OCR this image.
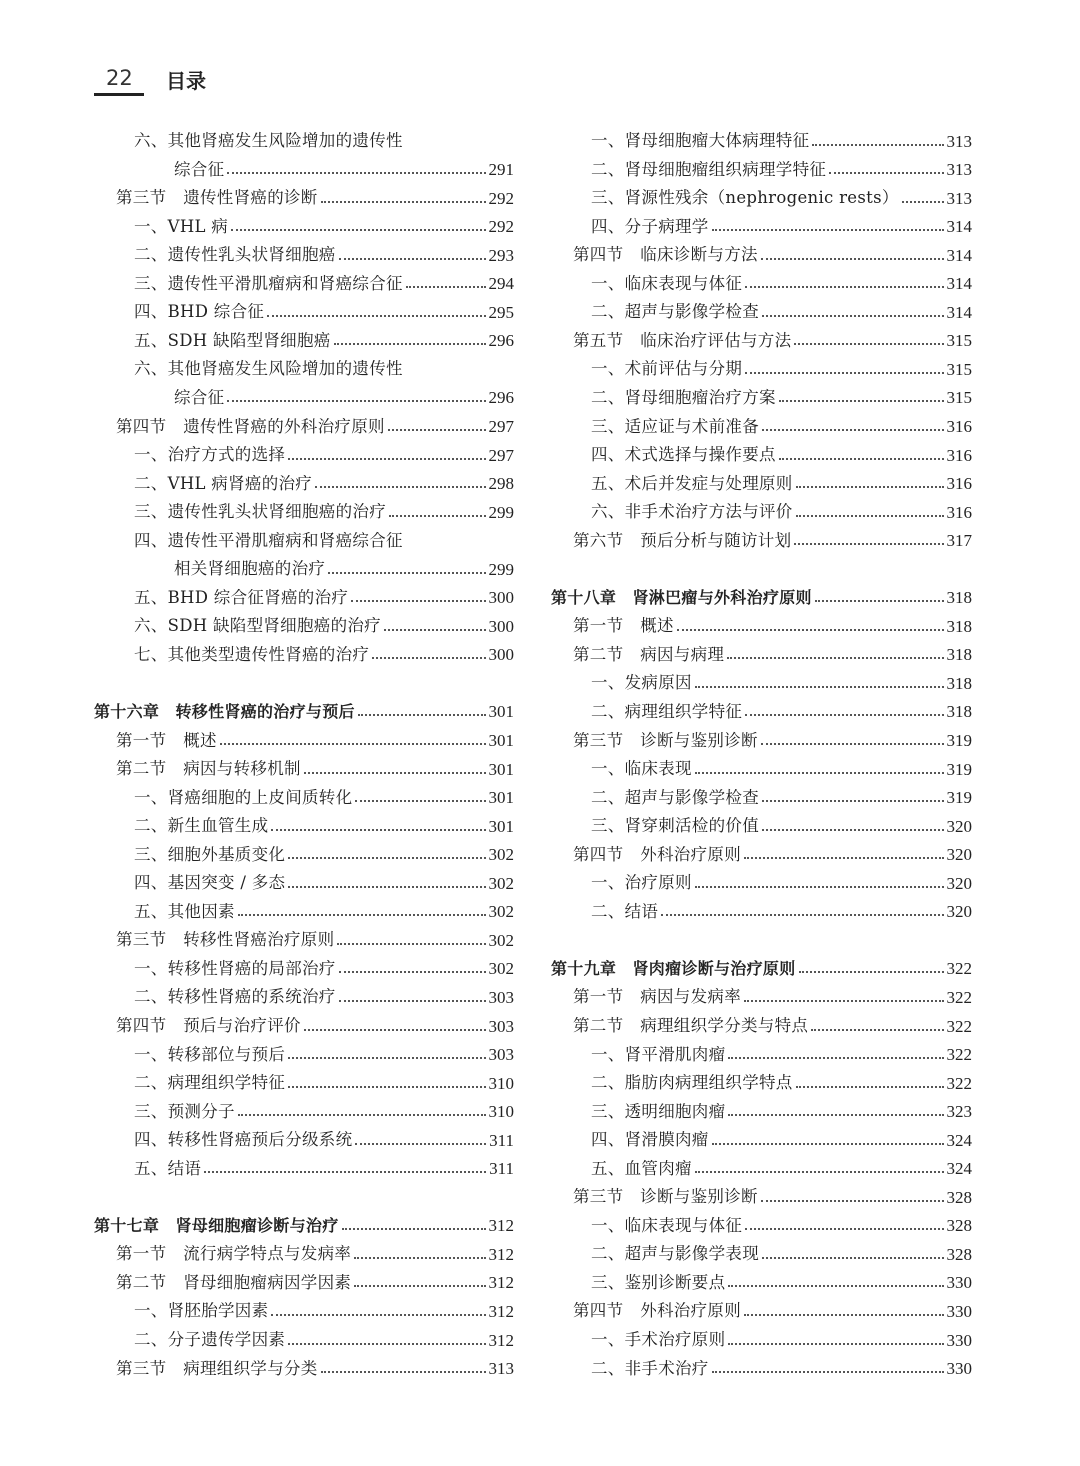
22 目录
六、其他肾癌发生风险增加的遗传性
综合征	291
第三节　遗传性肾癌的诊断	292
一、VHL 病	292
二、遗传性乳头状肾细胞癌	293
三、遗传性平滑肌瘤病和肾癌综合征	294
四、BHD 综合征	295
五、SDH 缺陷型肾细胞癌	296
六、其他肾癌发生风险增加的遗传性
综合征	296
第四节　遗传性肾癌的外科治疗原则	297
一、治疗方式的选择	297
二、VHL 病肾癌的治疗	298
三、遗传性乳头状肾细胞癌的治疗	299
四、遗传性平滑肌瘤病和肾癌综合征
相关肾细胞癌的治疗	299
五、BHD 综合征肾癌的治疗	300
六、SDH 缺陷型肾细胞癌的治疗	300
七、其他类型遗传性肾癌的治疗	300
第十六章　转移性肾癌的治疗与预后	301
第一节　概述	301
第二节　病因与转移机制	301
一、肾癌细胞的上皮间质转化	301
二、新生血管生成	301
三、细胞外基质变化	302
四、基因突变 / 多态	302
五、其他因素	302
第三节　转移性肾癌治疗原则	302
一、转移性肾癌的局部治疗	302
二、转移性肾癌的系统治疗	303
第四节　预后与治疗评价	303
一、转移部位与预后	303
二、病理组织学特征	310
三、预测分子	310
四、转移性肾癌预后分级系统	311
五、结语	311
第十七章　肾母细胞瘤诊断与治疗	312
第一节　流行病学特点与发病率	312
第二节　肾母细胞瘤病因学因素	312
一、肾胚胎学因素	312
二、分子遗传学因素	312
第三节　病理组织学与分类	313
一、肾母细胞瘤大体病理特征	313
二、肾母细胞瘤组织病理学特征	313
三、肾源性残余（nephrogenic rests）	313
四、分子病理学	314
第四节　临床诊断与方法	314
一、临床表现与体征	314
二、超声与影像学检查	314
第五节　临床治疗评估与方法	315
一、术前评估与分期	315
二、肾母细胞瘤治疗方案	315
三、适应证与术前准备	316
四、术式选择与操作要点	316
五、术后并发症与处理原则	316
六、非手术治疗方法与评价	316
第六节　预后分析与随访计划	317
第十八章　肾淋巴瘤与外科治疗原则	318
第一节　概述	318
第二节　病因与病理	318
一、发病原因	318
二、病理组织学特征	318
第三节　诊断与鉴别诊断	319
一、临床表现	319
二、超声与影像学检查	319
三、肾穿刺活检的价值	320
第四节　外科治疗原则	320
一、治疗原则	320
二、结语	320
第十九章　肾肉瘤诊断与治疗原则	322
第一节　病因与发病率	322
第二节　病理组织学分类与特点	322
一、肾平滑肌肉瘤	322
二、脂肪肉病理组织学特点	322
三、透明细胞肉瘤	323
四、肾滑膜肉瘤	324
五、血管肉瘤	324
第三节　诊断与鉴别诊断	328
一、临床表现与体征	328
二、超声与影像学表现	328
三、鉴别诊断要点	330
第四节　外科治疗原则	330
一、手术治疗原则	330
二、非手术治疗	330
